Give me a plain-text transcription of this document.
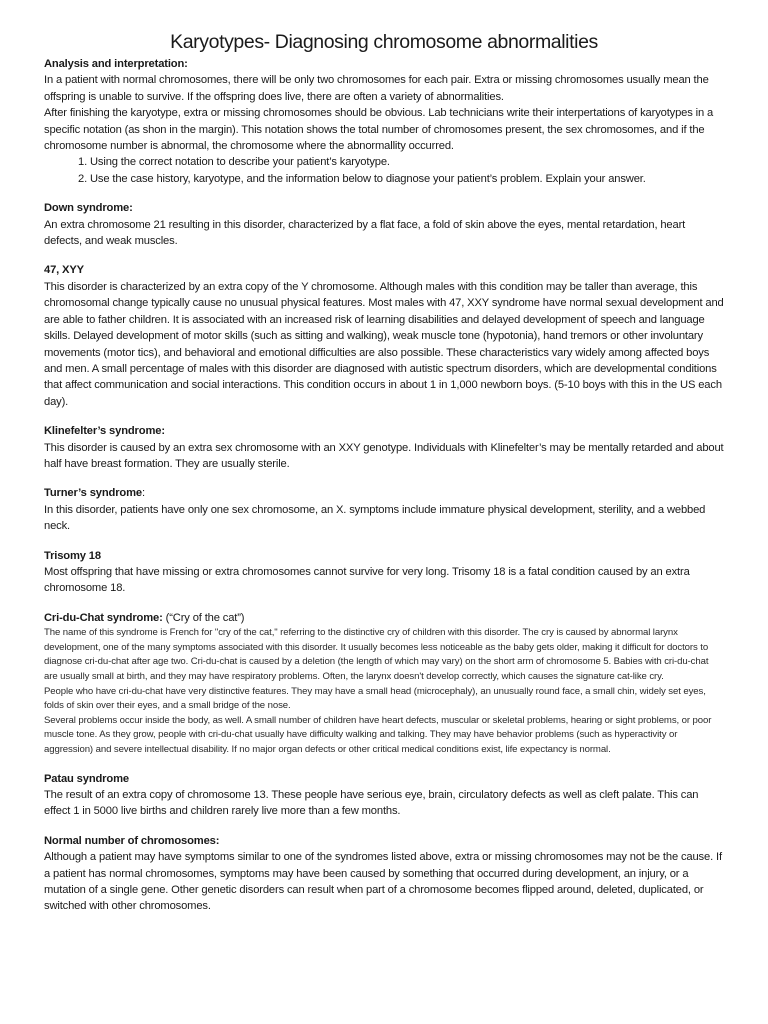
Karyotypes- Diagnosing chromosome abnormalities

Analysis and interpretation:

In a patient with normal chromosomes, there will be only two chromosomes for each pair. Extra or missing chromosomes usually mean the offspring is unable to survive. If the offspring does live, there are often a variety of abnormalities.

After finishing the karyotype, extra or missing chromosomes should be obvious. Lab technicians write their interpertations of karyotypes in a specific notation (as shon in the margin). This notation shows the total number of chromosomes present, the sex chromosomes, and if the chromosome number is abnormal, the chromosome where the abnormallity occurred.

1. Using the correct notation to describe your patient’s karyotype.
2. Use the case history, karyotype, and the information below to diagnose your patient’s problem. Explain your answer.

Down syndrome:

An extra chromosome 21 resulting in this disorder, characterized by a flat face, a fold of skin above the eyes, mental retardation, heart defects, and weak muscles.

47, XYY

This disorder is characterized by an extra copy of the Y chromosome. Although males with this condition may be taller than average, this chromosomal change typically cause no unusual physical features. Most males with 47, XXY syndrome have normal sexual development and are able to father children. It is associated with an increased risk of learning disabilities and delayed development of speech and language skills. Delayed development of motor skills (such as sitting and walking), weak muscle tone (hypotonia), hand tremors or other involuntary movements (motor tics), and behavioral and emotional difficulties are also possible. These characteristics vary widely among affected boys and men. A small percentage of males with this disorder are diagnosed with autistic spectrum disorders, which are developmental conditions that affect communication and social interactions. This condition occurs in about 1 in 1,000 newborn boys. (5-10 boys with this in the US each day).

Klinefelter’s syndrome:

This disorder is caused by an extra sex chromosome with an XXY genotype. Individuals with Klinefelter’s may be mentally retarded and about half have breast formation. They are usually sterile.

Turner’s syndrome:

In this disorder, patients have only one sex chromosome, an X. symptoms include immature physical development, sterility, and a webbed neck.

Trisomy 18

Most offspring that have missing or extra chromosomes cannot survive for very long. Trisomy 18 is a fatal condition caused by an extra chromosome 18.

Cri-du-Chat syndrome: (“Cry of the cat”)

The name of this syndrome is French for "cry of the cat," referring to the distinctive cry of children with this disorder. The cry is caused by abnormal larynx development, one of the many symptoms associated with this disorder. It usually becomes less noticeable as the baby gets older, making it difficult for doctors to diagnose cri-du-chat after age two. Cri-du-chat is caused by a deletion (the length of which may vary) on the short arm of chromosome 5. Babies with cri-du-chat are usually small at birth, and they may have respiratory problems. Often, the larynx doesn't develop correctly, which causes the signature cat-like cry.

People who have cri-du-chat have very distinctive features. They may have a small head (microcephaly), an unusually round face, a small chin, widely set eyes, folds of skin over their eyes, and a small bridge of the nose.

Several problems occur inside the body, as well. A small number of children have heart defects, muscular or skeletal problems, hearing or sight problems, or poor muscle tone. As they grow, people with cri-du-chat usually have difficulty walking and talking. They may have behavior problems (such as hyperactivity or aggression) and severe intellectual disability. If no major organ defects or other critical medical conditions exist, life expectancy is normal.

Patau syndrome

The result of an extra copy of chromosome 13. These people have serious eye, brain, circulatory defects as well as cleft palate. This can effect 1 in 5000 live births and children rarely live more than a few months.

Normal number of chromosomes:

Although a patient may have symptoms similar to one of the syndromes listed above, extra or missing chromosomes may not be the cause. If a patient has normal chromosomes, symptoms may have been caused by something that occurred during development, an injury, or a mutation of a single gene. Other genetic disorders can result when part of a chromosome becomes flipped around, deleted, duplicated, or switched with other chromosomes.
